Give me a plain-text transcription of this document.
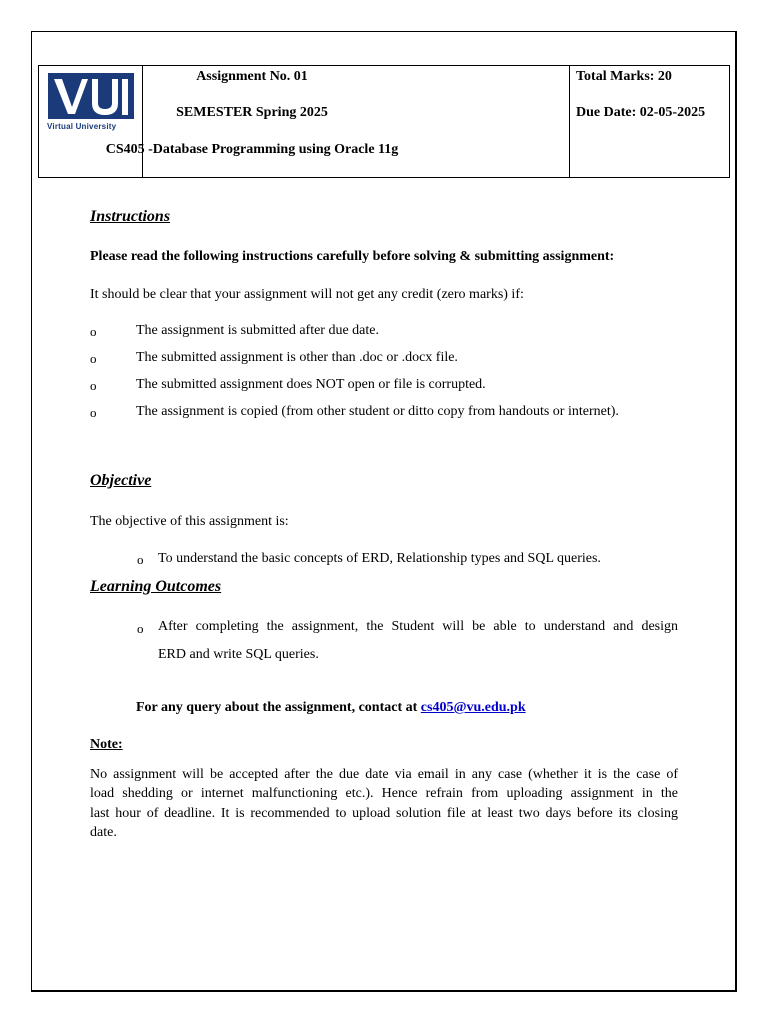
Virtual University
Assignment No. 01
SEMESTER Spring 2025
CS405 -Database Programming using Oracle 11g
Total Marks: 20
Due Date: 02-05-2025
Instructions
Please read the following instructions carefully before solving & submitting assignment:
It should be clear that your assignment will not get any credit (zero marks) if:
o	The assignment is submitted after due date.
o	The submitted assignment is other than .doc or .docx file.
o	The submitted assignment does NOT open or file is corrupted.
o	The assignment is copied (from other student or ditto copy from handouts or internet).
Objective
The objective of this assignment is:
o To understand the basic concepts of ERD, Relationship types and SQL queries.
Learning Outcomes
o After completing the assignment, the Student will be able to understand and design
ERD and write SQL queries.
For any query about the assignment, contact at cs405@vu.edu.pk
Note:
No assignment will be accepted after the due date via email in any case (whether it is the case of
load shedding or internet malfunctioning etc.). Hence refrain from uploading assignment in the
last hour of deadline. It is recommended to upload solution file at least two days before its closing
date.
